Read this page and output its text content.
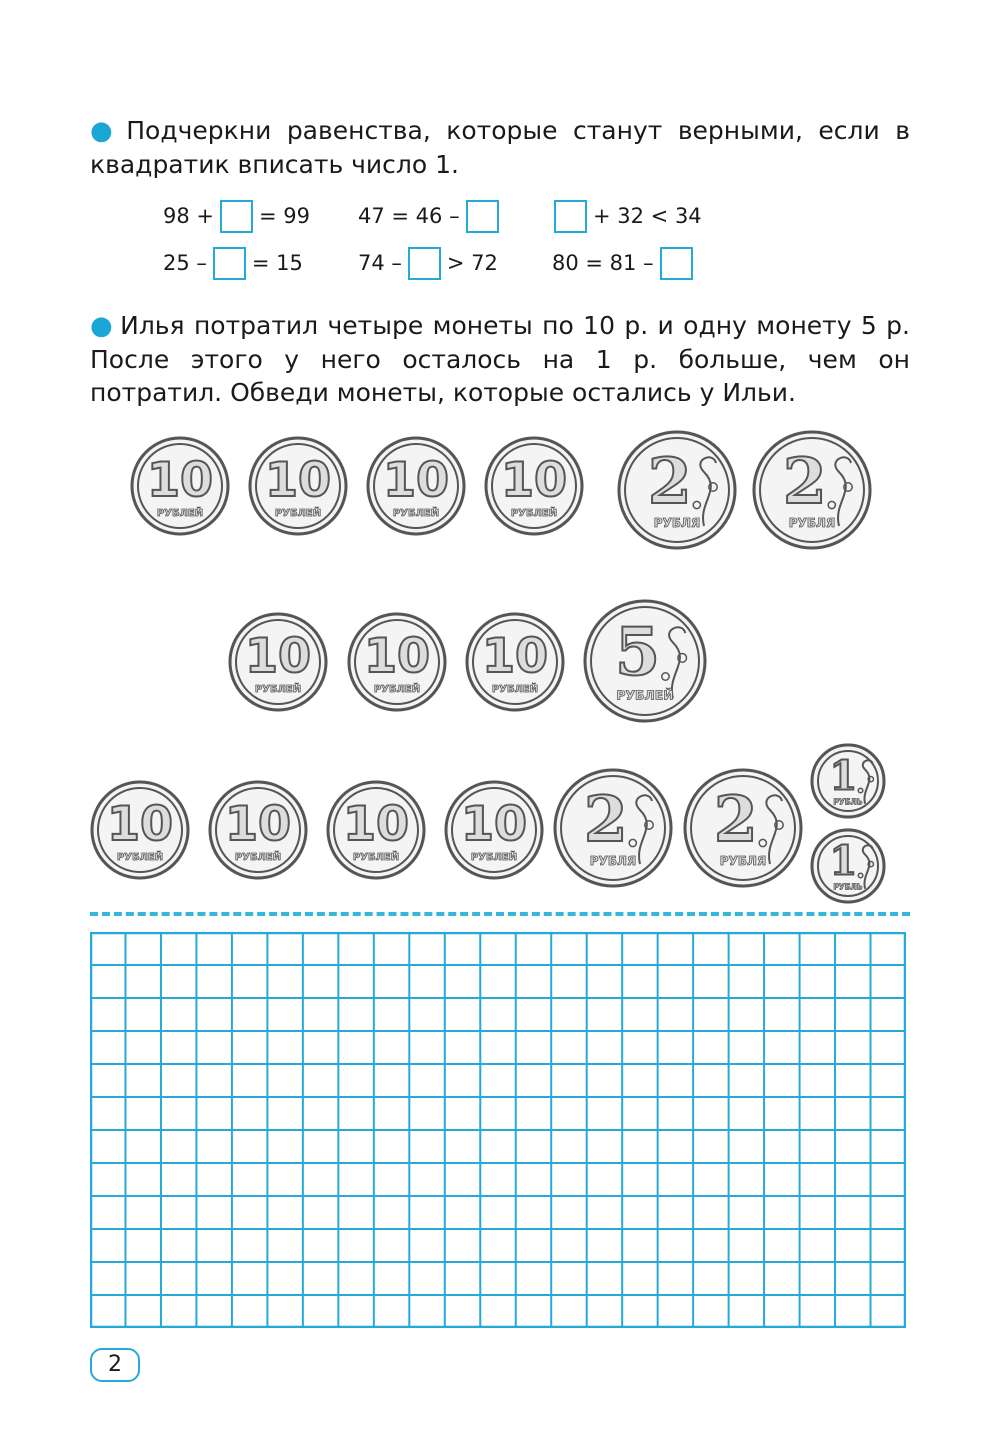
● Подчеркни равенства, которые станут верными, если в квадратик вписать число 1.
98 + = 99 47 = 46 –	+ 32 < 34
25 – = 15	74 – > 72	80 = 81 –
● Илья потратил четыре монеты по 10 р. и одну монету 5 р. После этого у него осталось на 1 р. больше, чем он потратил. Обведи монеты, которые остались у Ильи.
10
РУБЛЕЙ
10
РУБЛЕЙ
10
РУБЛЕЙ
10
РУБЛЕЙ 2
РУБЛЯ
2
РУБЛЯ
10
РУБЛЕЙ
10
РУБЛЕЙ
10
РУБЛЕЙ 5
РУБЛЕЙ
10
РУБЛЕЙ
10
РУБЛЕЙ
10
РУБЛЕЙ
10
РУБЛЕЙ
2
РУБЛЯ
2
РУБЛЯ
1
РУБЛЬ
1
РУБЛЬ
2
